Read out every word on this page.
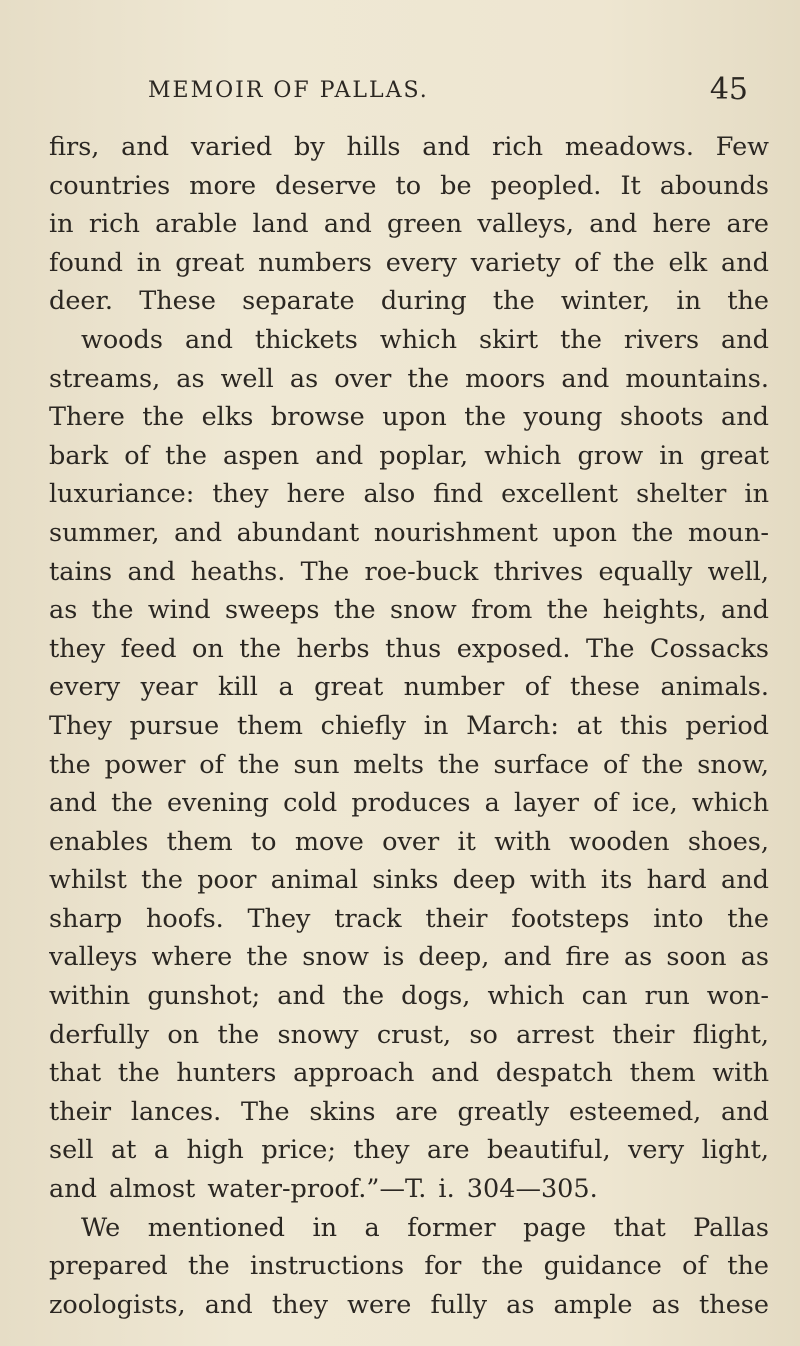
MEMOIR OF PALLAS.	45
firs, and varied by hills and rich meadows. Few
countries more deserve to be peopled. It abounds
in rich arable land and green valleys, and here are
found in great numbers every variety of the elk and
deer. These separate during the winter, in the
woods and thickets which skirt the rivers and
streams, as well as over the moors and mountains.
There the elks browse upon the young shoots and
bark of the aspen and poplar, which grow in great
luxuriance: they here also find excellent shelter in
summer, and abundant nourishment upon the moun-
tains and heaths. The roe-buck thrives equally well,
as the wind sweeps the snow from the heights, and
they feed on the herbs thus exposed. The Cossacks
every year kill a great number of these animals.
They pursue them chiefly in March: at this period
the power of the sun melts the surface of the snow,
and the evening cold produces a layer of ice, which
enables them to move over it with wooden shoes,
whilst the poor animal sinks deep with its hard and
sharp hoofs. They track their footsteps into the
valleys where the snow is deep, and fire as soon as
within gunshot; and the dogs, which can run won-
derfully on the snowy crust, so arrest their flight,
that the hunters approach and despatch them with
their lances. The skins are greatly esteemed, and
sell at a high price; they are beautiful, very light,
and almost water-proof.”—T. i. 304—305.
We mentioned in a former page that Pallas
prepared the instructions for the guidance of the
zoologists, and they were fully as ample as these
